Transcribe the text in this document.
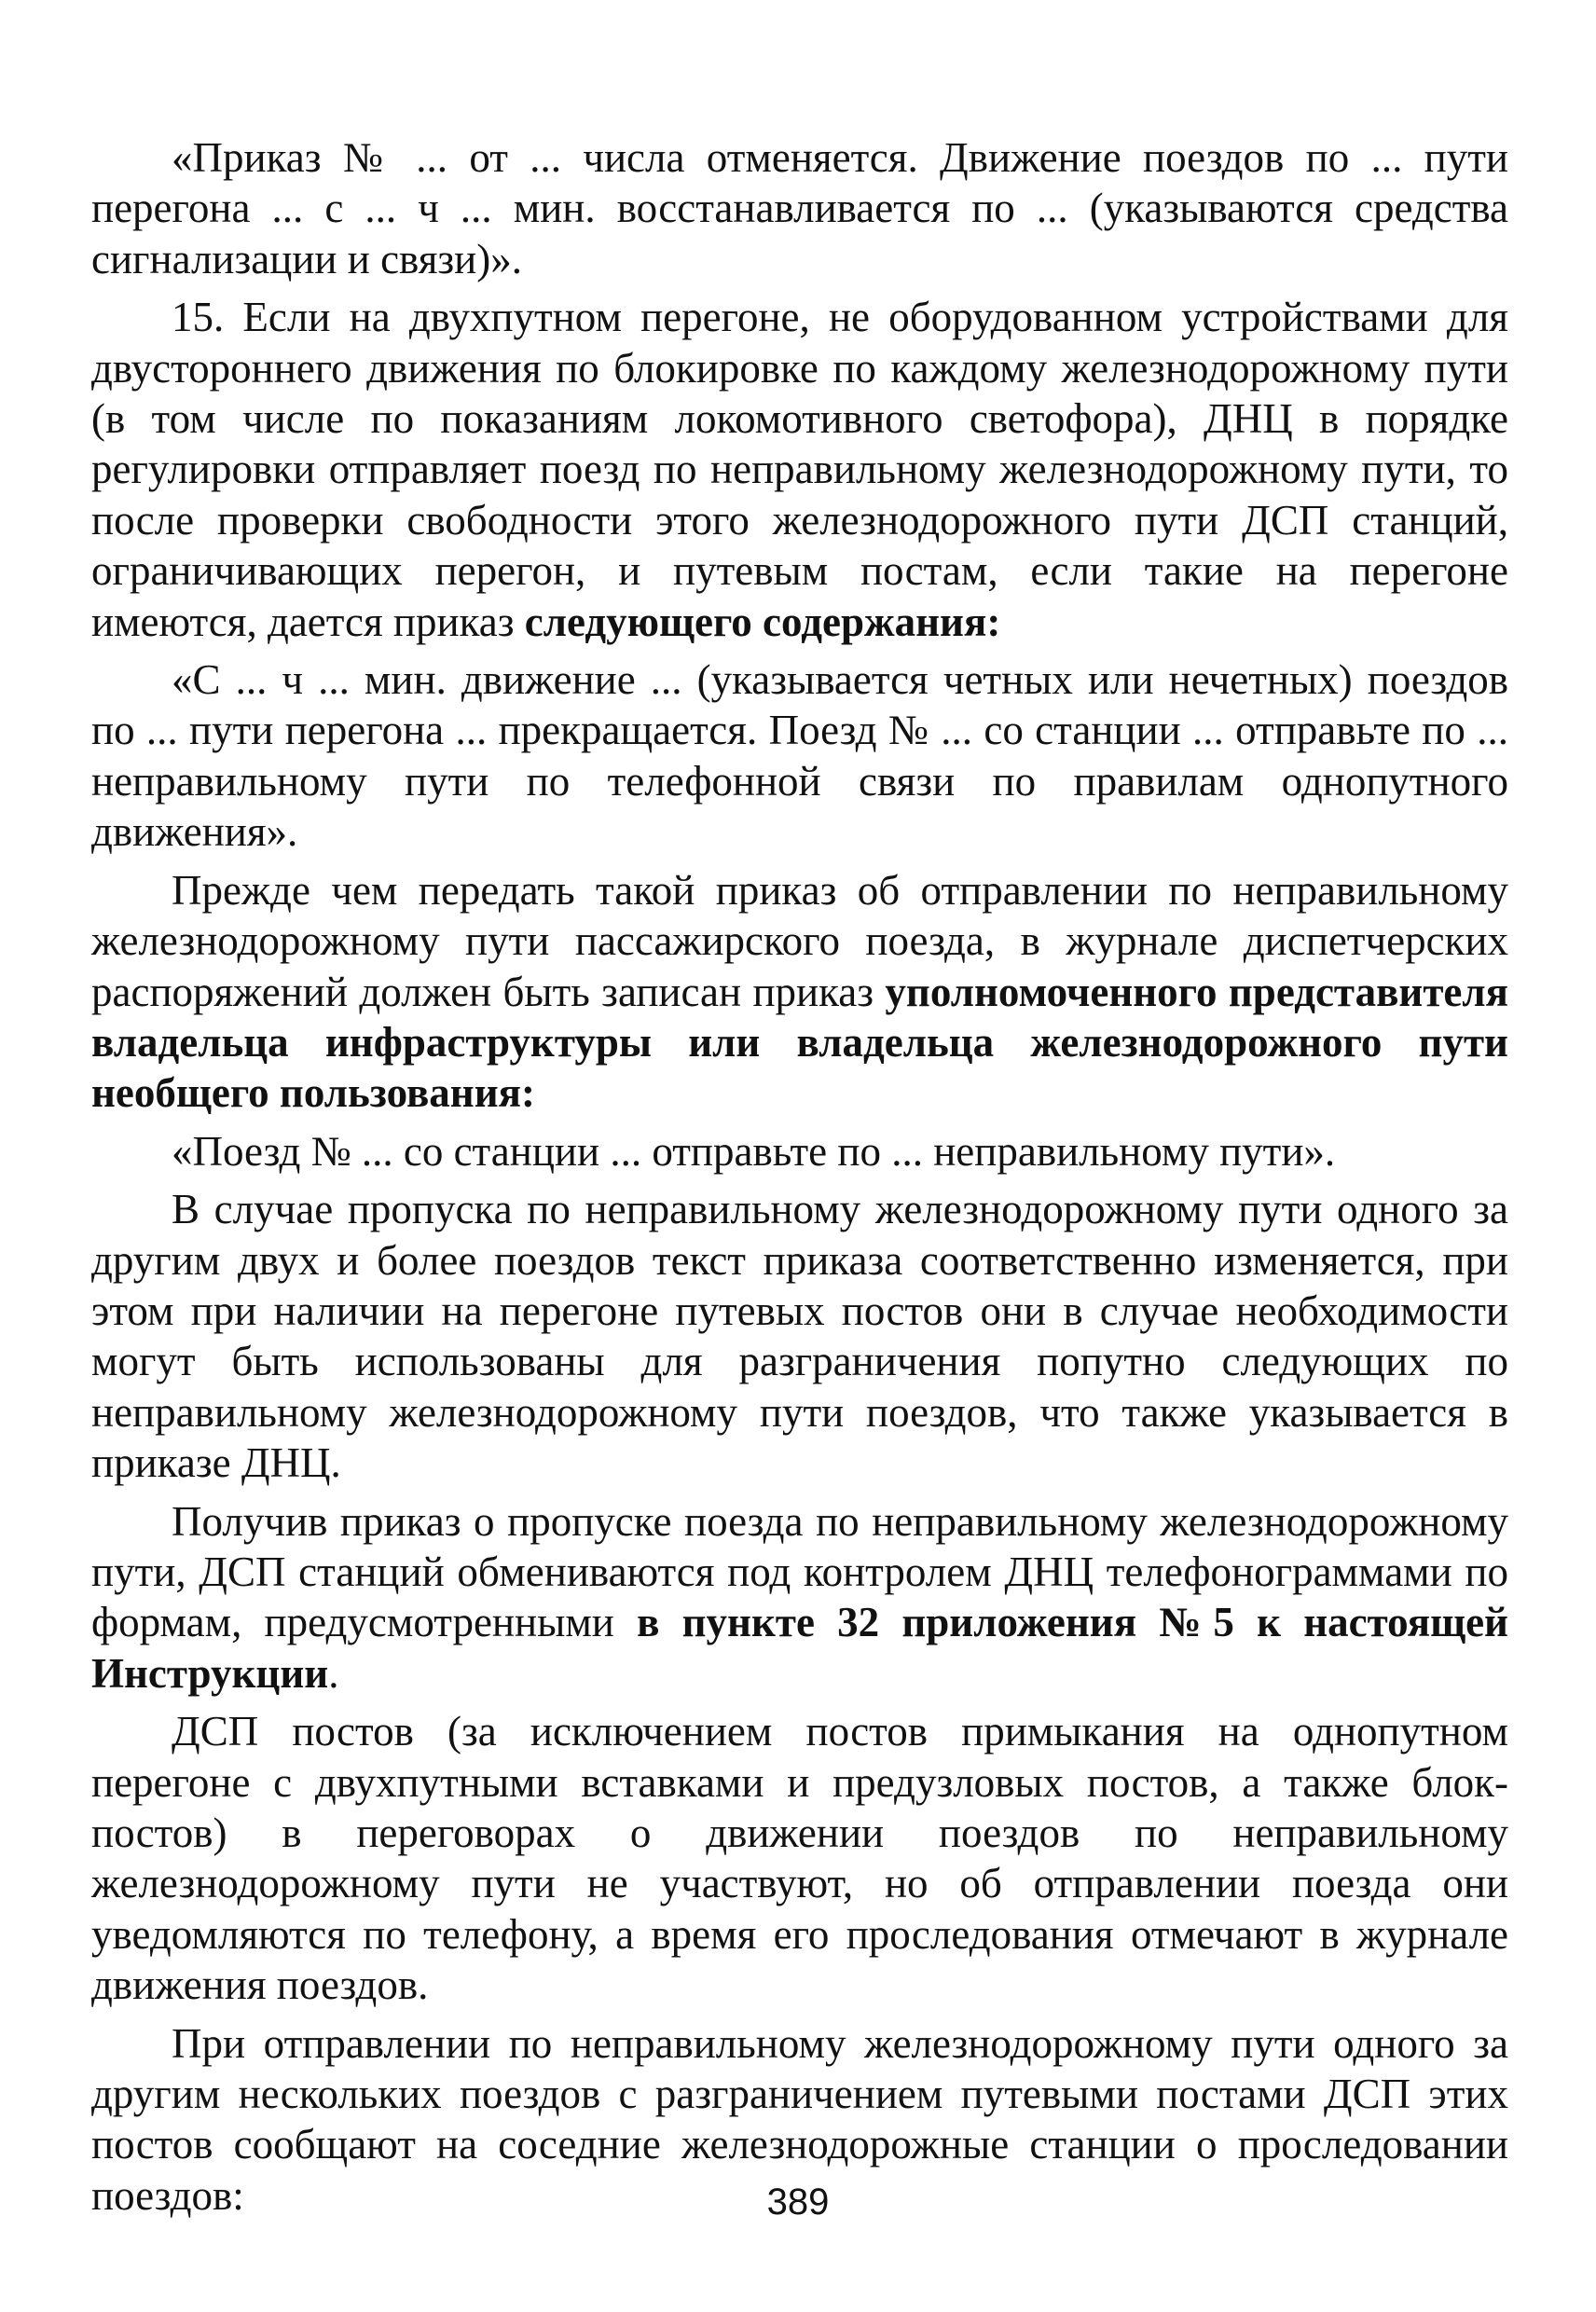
«Приказ № ... от ... числа отменяется. Движение поездов по ... пути перегона ... с ... ч ... мин. восстанавливается по ... (указываются средства сигнализации и связи)».

15. Если на двухпутном перегоне, не оборудованном устройствами для двустороннего движения по блокировке по каждому железнодорожному пути (в том числе по показаниям локомотивного светофора), ДНЦ в порядке регулировки отправляет поезд по неправильному железнодорожному пути, то после проверки свободности этого железнодорожного пути ДСП станций, ограничивающих перегон, и путевым постам, если такие на перегоне имеются, дается приказ следующего содержания:

«С ... ч ... мин. движение ... (указывается четных или нечетных) поездов по ... пути перегона ... прекращается. Поезд № ... со станции ... отправьте по ... неправильному пути по телефонной связи по правилам однопутного движения».

Прежде чем передать такой приказ об отправлении по неправильному железнодорожному пути пассажирского поезда, в журнале диспетчерских распоряжений должен быть записан приказ уполномоченного представителя владельца инфраструктуры или владельца железнодорожного пути необщего пользования:

«Поезд № ... со станции ... отправьте по ... неправильному пути».

В случае пропуска по неправильному железнодорожному пути одного за другим двух и более поездов текст приказа соответственно изменяется, при этом при наличии на перегоне путевых постов они в случае необходимости могут быть использованы для разграничения попутно следующих по неправильному железнодорожному пути поездов, что также указывается в приказе ДНЦ.

Получив приказ о пропуске поезда по неправильному железнодорожному пути, ДСП станций обмениваются под контролем ДНЦ телефонограммами по формам, предусмотренными в пункте 32 приложения №5 к настоящей Инструкции.

ДСП постов (за исключением постов примыкания на однопутном перегоне с двухпутными вставками и предузловых постов, а также блок-постов) в переговорах о движении поездов по неправильному железнодорожному пути не участвуют, но об отправлении поезда они уведомляются по телефону, а время его проследования отмечают в журнале движения поездов.

При отправлении по неправильному железнодорожному пути одного за другим нескольких поездов с разграничением путевыми постами ДСП этих постов сообщают на соседние железнодорожные станции о проследовании поездов:	389
